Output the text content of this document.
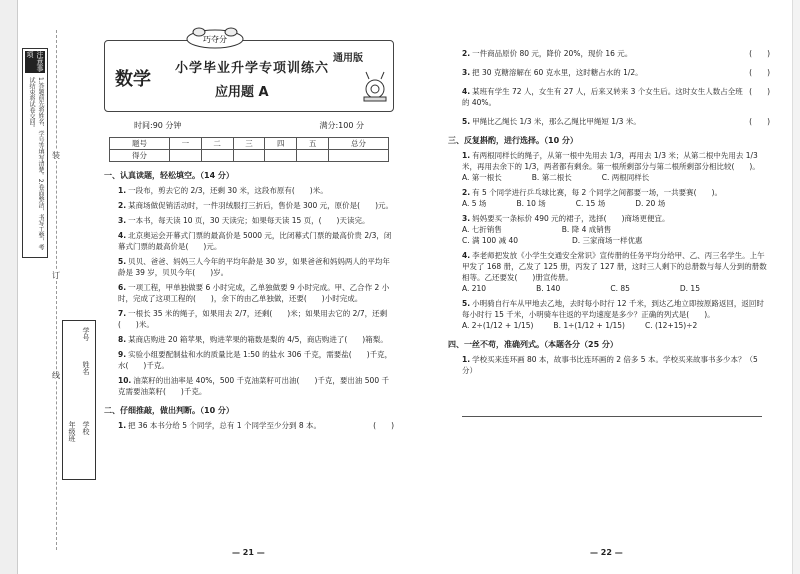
注意事项
1.答题前先将姓名、学号等填写清楚。2.卷面整洁，书写工整，考试结束将试卷交回。
装
订
线
学校
年级班
姓名
学号
巧夺分
数学
小学毕业升学专项训练六
应用题 A
通用版
时间:90 分钟	满分:100 分
题号	一	二	三	四	五	总分
得分						
一、认真读题，轻松填空。（14 分）
1. 一段布，剪去它的 2/3，还剩 30 米，这段布原有(　　)米。
2. 某商场做促销活动时，一件羽绒服打三折后，售价是 300 元，原价是(　　)元。
3. 一本书，每天读 10 页，30 天读完；如果每天读 15 页，(　　)天读完。
4. 北京奥运会开幕式门票的最高价是 5000 元，比闭幕式门票的最高价贵 2/3，闭幕式门票的最高价是(　　)元。
5. 贝贝、爸爸、妈妈三人今年的平均年龄是 30 岁，如果爸爸和妈妈两人的平均年龄是 39 岁，贝贝今年(　　)岁。
6. 一项工程，甲单独做要 6 小时完成，乙单独做要 9 小时完成。甲、乙合作 2 小时，完成了这项工程的(　　)，余下的由乙单独做，还要(　　)小时完成。
7. 一根长 35 米的绳子，如果用去 2/7，还剩(　　)米；如果用去它的 2/7，还剩(　　)米。
8. 某商店购进 20 箱苹果，购进苹果的箱数是梨的 4/5，商店购进了(　　)箱梨。
9. 实验小组要配制盐和水的质量比是 1:50 的盐水 306 千克，需要盐(　　)千克，水(　　)千克。
10. 油菜籽的出油率是 40%，500 千克油菜籽可出油(　　)千克，要出油 500 千克需要油菜籽(　　)千克。
二、仔细推敲，做出判断。（10 分）
(　　)
1. 把 36 本书分给 5 个同学，总有 1 个同学至少分到 8 本。
— 21 —
(　　)
2. 一件商品原价 80 元，降价 20%，现价 16 元。
(　　)
3. 把 30 克糖溶解在 60 克水里，这时糖占水的 1/2。
(　　)
4. 某班有学生 72 人，女生有 27 人，后来又转来 3 个女生后。这时女生人数占全班的 40%。
(　　)
5. 甲绳比乙绳长 1/3 米，那么乙绳比甲绳短 1/3 米。
三、反复斟酌，进行选择。（10 分）
1. 有两根同样长的绳子，从第一根中先用去 1/3，再用去 1/3 米；从第二根中先用去 1/3 米，再用去余下的 1/3，两者都有剩余。第一根所剩部分与第二根所剩部分相比较(　　)。
A. 第一根长	B. 第二根长	C. 两根同样长
2. 有 5 个同学进行乒乓球比赛，每 2 个同学之间都要一场，一共要赛(　　)。
A. 5 场	B. 10 场	C. 15 场	D. 20 场
3. 妈妈要买一条标价 490 元的裙子，选择(　　)商场更便宜。
A. 七折销售	B. 降 4 成销售
C. 满 100 减 40	D. 三家商场一样优惠
4. 李老师把发放《小学生交通安全常识》宣传册的任务平均分给甲、乙、丙三名学生。上午甲发了 168 册，乙发了 125 册，丙发了 127 册，这时三人剩下的总册数与每人分到的册数相等。乙还要发(　　)册宣传册。
A. 210	B. 140	C. 85	D. 15
5. 小明骑自行车从甲地去乙地，去时每小时行 12 千米，到达乙地立即按原路返回，返回时每小时行 15 千米，小明骑车往返的平均速度是多少？正确的列式是(　　)。
A. 2÷(1/12 + 1/15)	B. 1÷(1/12 + 1/15)	C. (12+15)÷2
四、一丝不苟，准确列式。（本题各分（25 分）
1. 学校买来连环画 80 本，故事书比连环画的 2 倍多 5 本。学校买来故事书多少本？（5 分）
— 22 —
